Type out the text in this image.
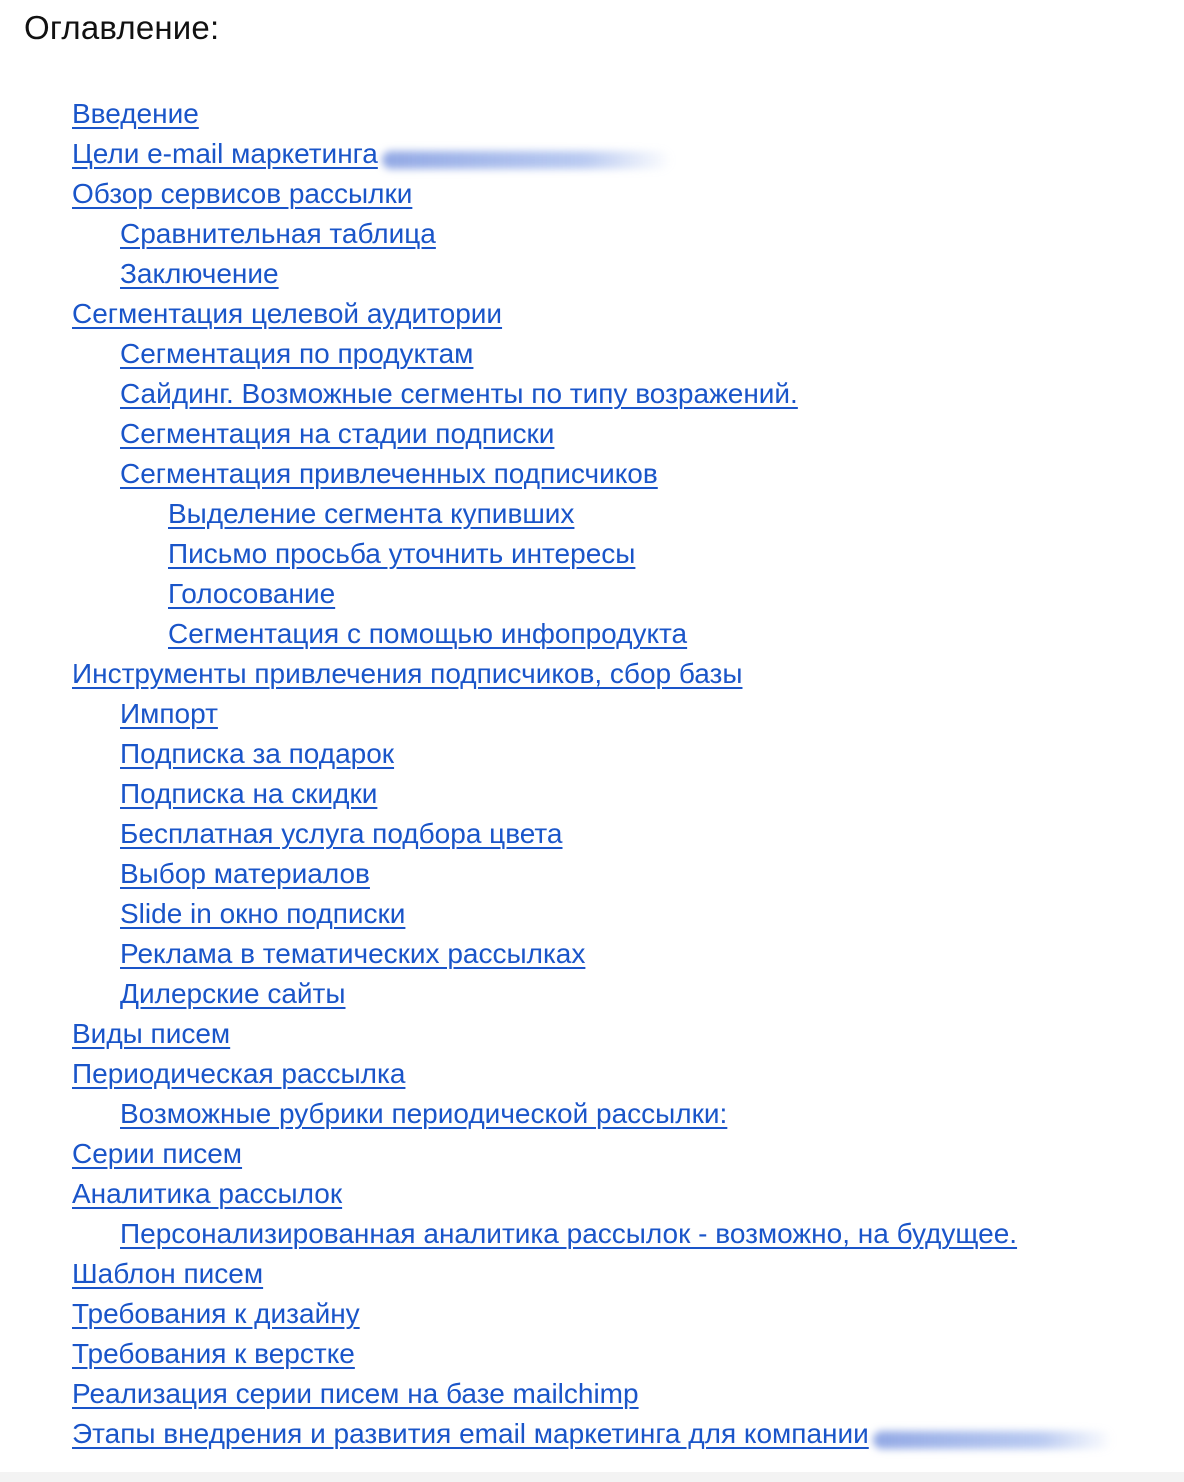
Оглавление:
Введение
Цели e-mail маркетинга
Обзор сервисов рассылки
Сравнительная таблица
Заключение
Сегментация целевой аудитории
Сегментация по продуктам
Сайдинг. Возможные сегменты по типу возражений.
Сегментация на стадии подписки
Сегментация привлеченных подписчиков
Выделение сегмента купивших
Письмо просьба уточнить интересы
Голосование
Сегментация с помощью инфопродукта
Инструменты привлечения подписчиков, сбор базы
Импорт
Подписка за подарок
Подписка на скидки
Бесплатная услуга подбора цвета
Выбор материалов
Slide in окно подписки
Реклама в тематических рассылках
Дилерские сайты
Виды писем
Периодическая рассылка
Возможные рубрики периодической рассылки:
Серии писем
Аналитика рассылок
Персонализированная аналитика рассылок - возможно, на будущее.
Шаблон писем
Требования к дизайну
Требования к верстке
Реализация серии писем на базе mailchimp
Этапы внедрения и развития email маркетинга для компании
